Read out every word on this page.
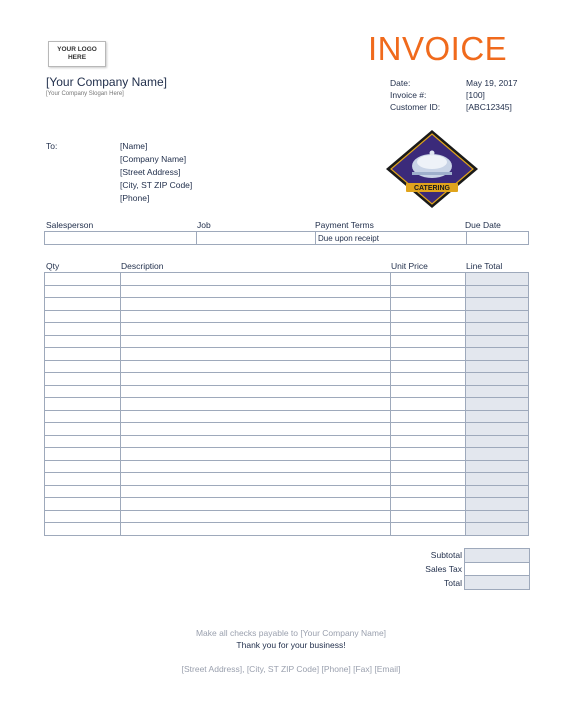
YOUR LOGO
HERE
[Your Company Name]
[Your Company Slogan Here]
INVOICE
Date:	May 19, 2017
Invoice #:	[100]
Customer ID:	[ABC12345]
To:	[Name]
[Company Name]
[Street Address]
[City, ST ZIP Code]
[Phone]
CATERING
Salesperson	Job	Payment Terms	Due Date
		Due upon receipt	
Qty	Description	Unit Price	Line Total

Subtotal
Sales Tax
Total
Make all checks payable to [Your Company Name]
Thank you for your business!
[Street Address], [City, ST ZIP Code] [Phone] [Fax] [Email]
